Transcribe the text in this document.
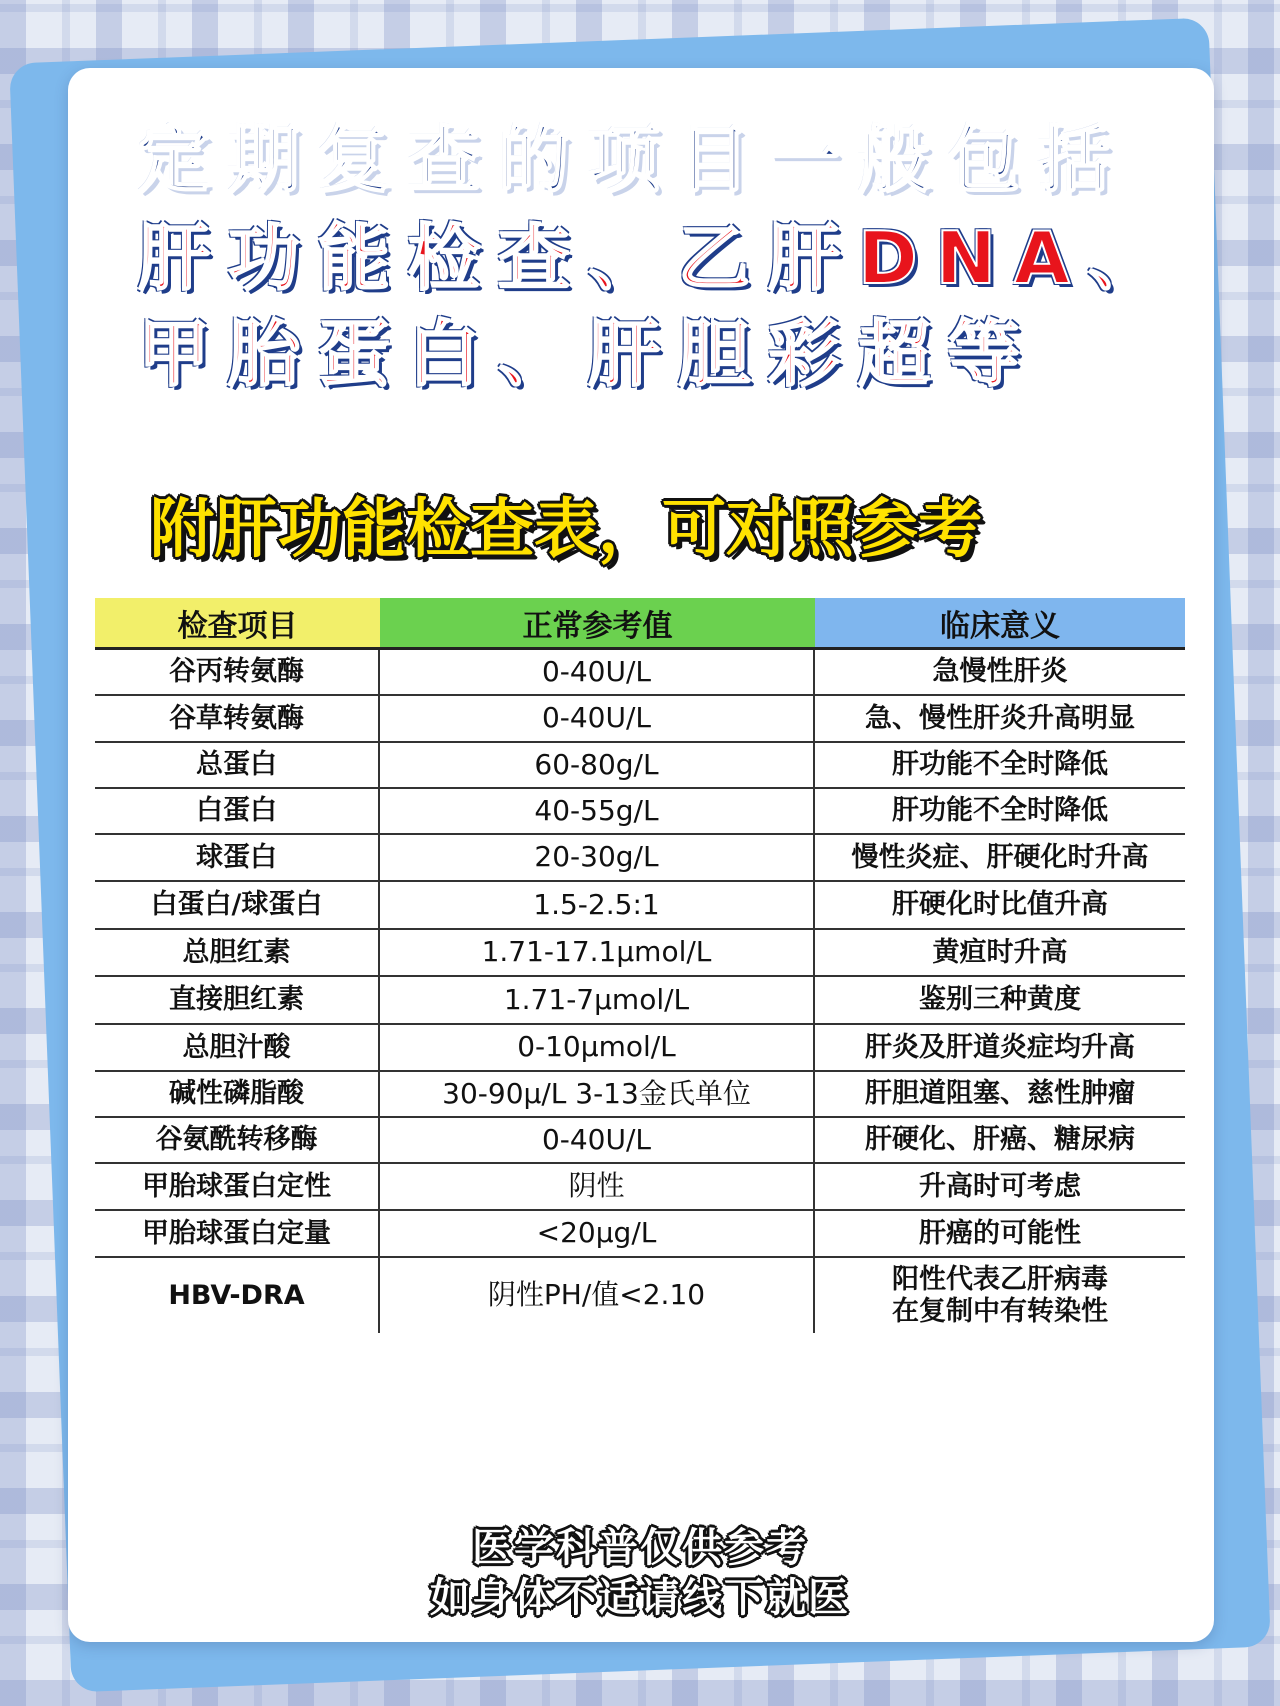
定期复查的项目一般包括
肝功能检查、乙肝DNA、
甲胎蛋白、肝胆彩超等
附肝功能检查表，可对照参考
检查项目	正常参考值	临床意义
谷丙转氨酶	0-40U/L	急慢性肝炎
谷草转氨酶	0-40U/L	急、慢性肝炎升高明显
总蛋白	60-80g/L	肝功能不全时降低
白蛋白	40-55g/L	肝功能不全时降低
球蛋白	20-30g/L	慢性炎症、肝硬化时升高
白蛋白/球蛋白	1.5-2.5:1	肝硬化时比值升高
总胆红素	1.71-17.1μmol/L	黄疸时升高
直接胆红素	1.71-7μmol/L	鉴别三种黄度
总胆汁酸	0-10μmol/L	肝炎及肝道炎症均升高
碱性磷脂酸	30-90μ/L 3-13金氏单位	肝胆道阻塞、慈性肿瘤
谷氨酰转移酶	0-40U/L	肝硬化、肝癌、糖尿病
甲胎球蛋白定性	阴性	升高时可考虑
甲胎球蛋白定量	<20μg/L	肝癌的可能性
HBV-DRA	阴性PH/值<2.10	阳性代表乙肝病毒
在复制中有转染性
医学科普仅供参考
如身体不适请线下就医
